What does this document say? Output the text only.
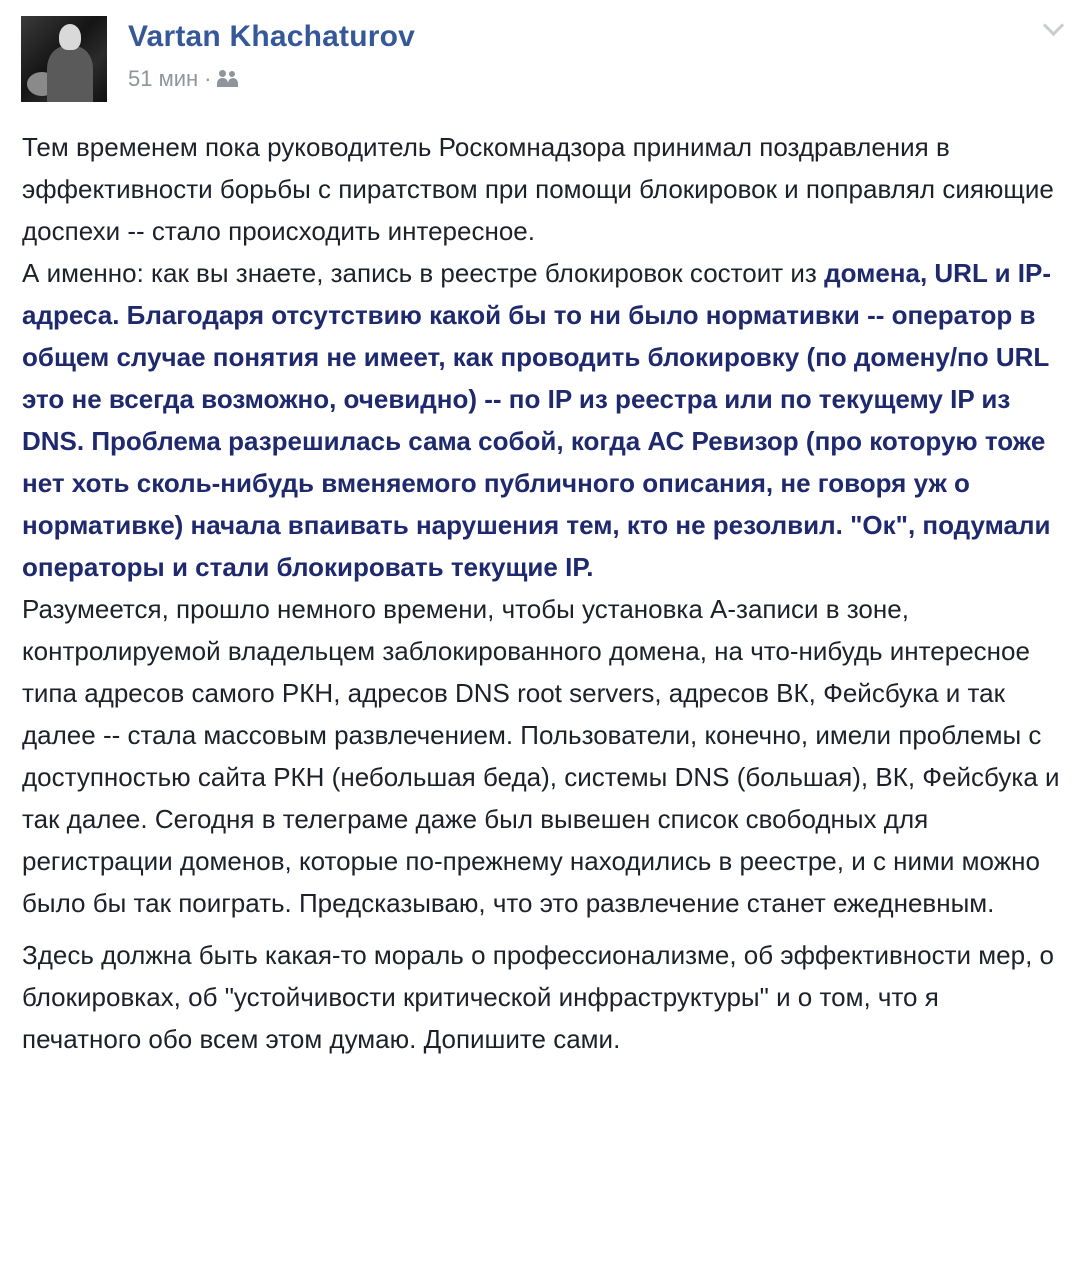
Vartan Khachaturov
51 мин ·

Тем временем пока руководитель Роскомнадзора принимал поздравления в эффективности борьбы с пиратством при помощи блокировок и поправлял сияющие доспехи -- стало происходить интересное.

А именно: как вы знаете, запись в реестре блокировок состоит из домена, URL и IP-адреса. Благодаря отсутствию какой бы то ни было нормативки -- оператор в общем случае понятия не имеет, как проводить блокировку (по домену/по URL это не всегда возможно, очевидно) -- по IP из реестра или по текущему IP из DNS. Проблема разрешилась сама собой, когда АС Ревизор (про которую тоже нет хоть сколь-нибудь вменяемого публичного описания, не говоря уж о нормативке) начала впаивать нарушения тем, кто не резолвил. "Ок", подумали операторы и стали блокировать текущие IP.

Разумеется, прошло немного времени, чтобы установка А-записи в зоне, контролируемой владельцем заблокированного домена, на что-нибудь интересное типа адресов самого РКН, адресов DNS root servers, адресов ВК, Фейсбука и так далее -- стала массовым развлечением. Пользователи, конечно, имели проблемы с доступностью сайта РКН (небольшая беда), системы DNS (большая), ВК, Фейсбука и так далее. Сегодня в телеграме даже был вывешен список свободных для регистрации доменов, которые по-прежнему находились в реестре, и с ними можно было бы так поиграть. Предсказываю, что это развлечение станет ежедневным.

Здесь должна быть какая-то мораль о профессионализме, об эффективности мер, о блокировках, об "устойчивости критической инфраструктуры" и о том, что я печатного обо всем этом думаю. Допишите сами.
